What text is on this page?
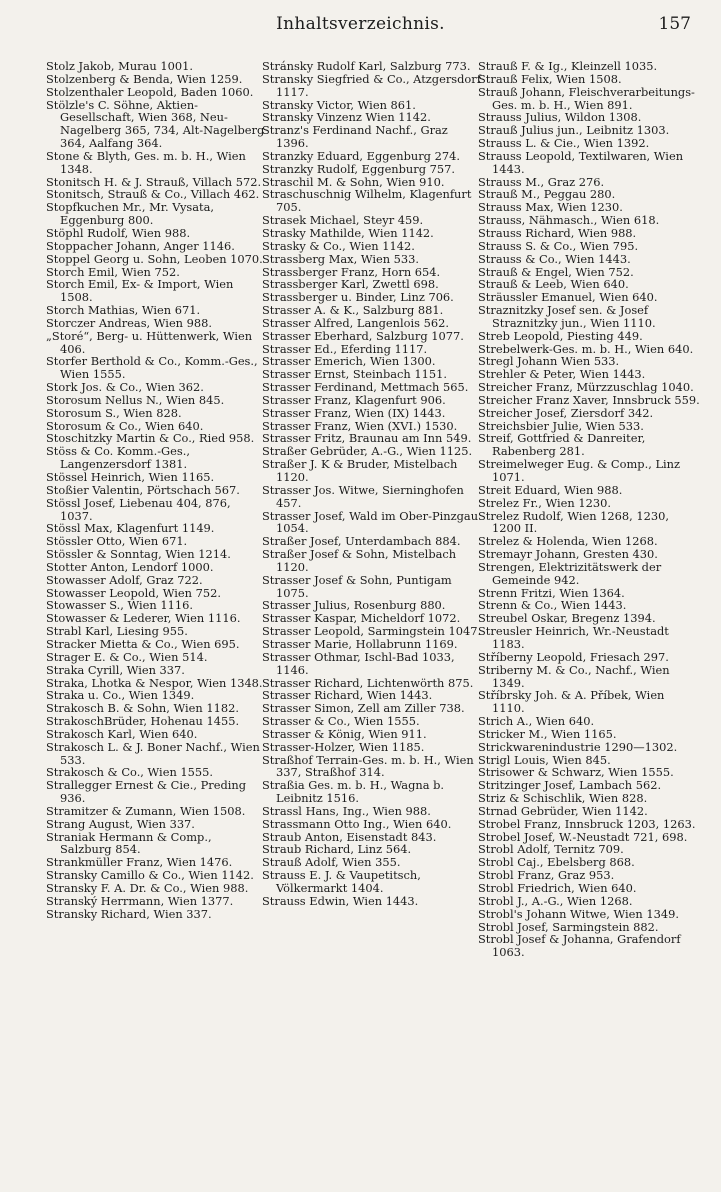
Inhaltsverzeichnis.	157
Stolz Jakob, Murau 1001.
Stolzenberg & Benda, Wien 1259.
Stolzenthaler Leopold, Baden 1060.
Stölzle's C. Söhne, Aktien-Gesellschaft, Wien 368, Neu-Nagelberg 365, 734, Alt-Nagelberg 364, Aalfang 364.
Stone & Blyth, Ges. m. b. H., Wien 1348.
Stonitsch H. & J. Strauß, Villach 572.
Stonitsch, Strauß & Co., Villach 462.
Stopfkuchen Mr., Mr. Vysata, Eggenburg 800.
Stöphl Rudolf, Wien 988.
Stoppacher Johann, Anger 1146.
Stoppel Georg u. Sohn, Leoben 1070.
Storch Emil, Wien 752.
Storch Emil, Ex- & Import, Wien 1508.
Storch Mathias, Wien 671.
Storczer Andreas, Wien 988.
„Storé“, Berg- u. Hüttenwerk, Wien 406.
Storfer Berthold & Co., Komm.-Ges., Wien 1555.
Stork Jos. & Co., Wien 362.
Storosum Nellus N., Wien 845.
Storosum S., Wien 828.
Storosum & Co., Wien 640.
Stoschitzky Martin & Co., Ried 958.
Stöss & Co. Komm.-Ges., Langenzersdorf 1381.
Stössel Heinrich, Wien 1165.
Stoßier Valentin, Pörtschach 567.
Stössl Josef, Liebenau 404, 876, 1037.
Stössl Max, Klagenfurt 1149.
Stössler Otto, Wien 671.
Stössler & Sonntag, Wien 1214.
Stotter Anton, Lendorf 1000.
Stowasser Adolf, Graz 722.
Stowasser Leopold, Wien 752.
Stowasser S., Wien 1116.
Stowasser & Lederer, Wien 1116.
Strabl Karl, Liesing 955.
Stracker Mietta & Co., Wien 695.
Strager E. & Co., Wien 514.
Straka Cyrill, Wien 337.
Straka, Lhotka & Nespor, Wien 1348.
Straka u. Co., Wien 1349.
Strakosch B. & Sohn, Wien 1182.
StrakoschBrüder, Hohenau 1455.
Strakosch Karl, Wien 640.
Strakosch L. & J. Boner Nachf., Wien 533.
Strakosch & Co., Wien 1555.
Strallegger Ernest & Cie., Preding 936.
Stramitzer & Zumann, Wien 1508.
Strang August, Wien 337.
Straniak Hermann & Comp., Salzburg 854.
Strankmüller Franz, Wien 1476.
Stransky Camillo & Co., Wien 1142.
Stransky F. A. Dr. & Co., Wien 988.
Stranský Herrmann, Wien 1377.
Stransky Richard, Wien 337.
Stránsky Rudolf Karl, Salzburg 773.
Stransky Siegfried & Co., Atzgersdorf 1117.
Stransky Victor, Wien 861.
Stransky Vinzenz Wien 1142.
Stranz's Ferdinand Nachf., Graz 1396.
Stranzky Eduard, Eggenburg 274.
Stranzky Rudolf, Eggenburg 757.
Straschil M. & Sohn, Wien 910.
Straschuschnig Wilhelm, Klagenfurt 705.
Strasek Michael, Steyr 459.
Strasky Mathilde, Wien 1142.
Strasky & Co., Wien 1142.
Strassberg Max, Wien 533.
Strassberger Franz, Horn 654.
Strassberger Karl, Zwettl 698.
Strassberger u. Binder, Linz 706.
Strasser A. & K., Salzburg 881.
Strasser Alfred, Langenlois 562.
Strasser Eberhard, Salzburg 1077.
Strasser Ed., Eferding 1117.
Strasser Emerich, Wien 1300.
Strasser Ernst, Steinbach 1151.
Strasser Ferdinand, Mettmach 565.
Strasser Franz, Klagenfurt 906.
Strasser Franz, Wien (IX) 1443.
Strasser Franz, Wien (XVI.) 1530.
Strasser Fritz, Braunau am Inn 549.
Straßer Gebrüder, A.-G., Wien 1125.
Straßer J. K & Bruder, Mistelbach 1120.
Strasser Jos. Witwe, Sierninghofen 457.
Strasser Josef, Wald im Ober-Pinzgau 1054.
Straßer Josef, Unterdambach 884.
Straßer Josef & Sohn, Mistelbach 1120.
Strasser Josef & Sohn, Puntigam 1075.
Strasser Julius, Rosenburg 880.
Strasser Kaspar, Micheldorf 1072.
Strasser Leopold, Sarmingstein 1047.
Strasser Marie, Hollabrunn 1169.
Strasser Othmar, Ischl-Bad 1033, 1146.
Strasser Richard, Lichtenwörth 875.
Strasser Richard, Wien 1443.
Strasser Simon, Zell am Ziller 738.
Strasser & Co., Wien 1555.
Strasser & König, Wien 911.
Strasser-Holzer, Wien 1185.
Straßhof Terrain-Ges. m. b. H., Wien 337, Straßhof 314.
Straßia Ges. m. b. H., Wagna b. Leibnitz 1516.
Strassl Hans, Ing., Wien 988.
Strassmann Otto Ing., Wien 640.
Straub Anton, Eisenstadt 843.
Straub Richard, Linz 564.
Strauß Adolf, Wien 355.
Strauss E. J. & Vaupetitsch, Völkermarkt 1404.
Strauss Edwin, Wien 1443.
Strauß F. & Ig., Kleinzell 1035.
Strauß Felix, Wien 1508.
Strauß Johann, Fleischverarbeitungs-Ges. m. b. H., Wien 891.
Strauss Julius, Wildon 1308.
Strauß Julius jun., Leibnitz 1303.
Strauss L. & Cie., Wien 1392.
Strauss Leopold, Textilwaren, Wien 1443.
Strauss M., Graz 276.
Strauß M., Peggau 280.
Strauss Max, Wien 1230.
Strauss, Nähmasch., Wien 618.
Strauss Richard, Wien 988.
Strauss S. & Co., Wien 795.
Strauss & Co., Wien 1443.
Strauß & Engel, Wien 752.
Strauß & Leeb, Wien 640.
Sträussler Emanuel, Wien 640.
Straznitzky Josef sen. & Josef Straznitzky jun., Wien 1110.
Streb Leopold, Piesting 449.
Strebelwerk-Ges. m. b. H., Wien 640.
Stregl Johann Wien 533.
Strehler & Peter, Wien 1443.
Streicher Franz, Mürzzuschlag 1040.
Streicher Franz Xaver, Innsbruck 559.
Streicher Josef, Ziersdorf 342.
Streichsbier Julie, Wien 533.
Streif, Gottfried & Danreiter, Rabenberg 281.
Streimelweger Eug. & Comp., Linz 1071.
Streit Eduard, Wien 988.
Strelez Fr., Wien 1230.
Strelez Rudolf, Wien 1268, 1230, 1200 II.
Strelez & Holenda, Wien 1268.
Stremayr Johann, Gresten 430.
Strengen, Elektrizitätswerk der Gemeinde 942.
Strenn Fritzi, Wien 1364.
Strenn & Co., Wien 1443.
Streubel Oskar, Bregenz 1394.
Streusler Heinrich, Wr.-Neustadt 1183.
Stříberny Leopold, Friesach 297.
Striberny M. & Co., Nachf., Wien 1349.
Stříbrsky Joh. & A. Příbek, Wien 1110.
Strich A., Wien 640.
Stricker M., Wien 1165.
Strickwarenindustrie 1290—1302.
Strigl Louis, Wien 845.
Strisower & Schwarz, Wien 1555.
Stritzinger Josef, Lambach 562.
Striz & Schischlik, Wien 828.
Strnad Gebrüder, Wien 1142.
Strobel Franz, Innsbruck 1203, 1263.
Strobel Josef, W.-Neustadt 721, 698.
Strobl Adolf, Ternitz 709.
Strobl Caj., Ebelsberg 868.
Strobl Franz, Graz 953.
Strobl Friedrich, Wien 640.
Strobl J., A.-G., Wien 1268.
Strobl's Johann Witwe, Wien 1349.
Strobl Josef, Sarmingstein 882.
Strobl Josef & Johanna, Grafendorf 1063.
